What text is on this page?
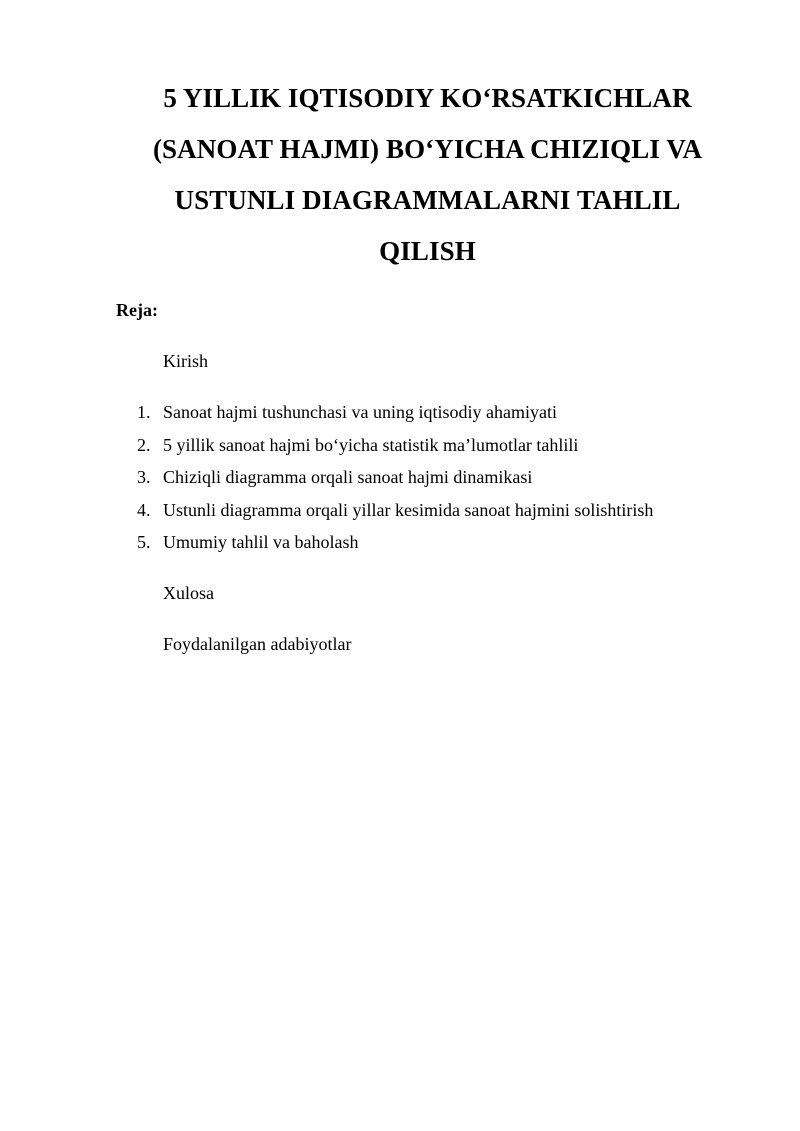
5 YILLIK IQTISODIY KO‘RSATKICHLAR
(SANOAT HAJMI) BO‘YICHA CHIZIQLI VA
USTUNLI DIAGRAMMALARNI TAHLIL
QILISH
Reja:
Kirish
1. Sanoat hajmi tushunchasi va uning iqtisodiy ahamiyati
2. 5 yillik sanoat hajmi bo‘yicha statistik ma’lumotlar tahlili
3. Chiziqli diagramma orqali sanoat hajmi dinamikasi
4. Ustunli diagramma orqali yillar kesimida sanoat hajmini solishtirish
5. Umumiy tahlil va baholash
Xulosa
Foydalanilgan adabiyotlar
